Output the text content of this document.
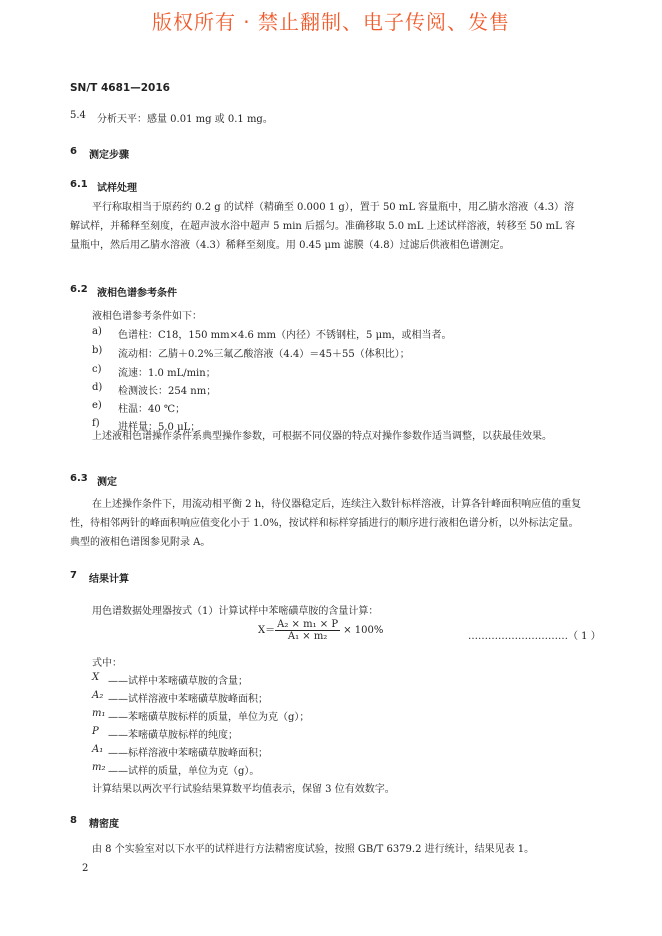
版权所有 · 禁止翻制、电子传阅、发售
SN/T 4681—2016
5.4 分析天平：感量 0.01 mg 或 0.1 mg。
6 测定步骤
6.1 试样处理
平行称取相当于原药约 0.2 g 的试样（精确至 0.000 1 g），置于 50 mL 容量瓶中，用乙腈水溶液（4.3）溶解试样，并稀释至刻度，在超声波水浴中超声 5 min 后摇匀。准确移取 5.0 mL 上述试样溶液，转移至 50 mL 容量瓶中，然后用乙腈水溶液（4.3）稀释至刻度。用 0.45 μm 滤膜（4.8）过滤后供液相色谱测定。
6.2 液相色谱参考条件
液相色谱参考条件如下：
a) 色谱柱：C18，150 mm×4.6 mm（内径）不锈钢柱，5 μm，或相当者。
b) 流动相：乙腈＋0.2%三氟乙酸溶液（4.4）＝45＋55（体积比）；
c) 流速：1.0 mL/min；
d) 检测波长：254 nm；
e) 柱温：40 ℃；
f) 进样量：5.0 μL；
上述液相色谱操作条件系典型操作参数，可根据不同仪器的特点对操作参数作适当调整，以获最佳效果。
6.3 测定
在上述操作条件下，用流动相平衡 2 h，待仪器稳定后，连续注入数针标样溶液，计算各针峰面积响应值的重复性，待相邻两针的峰面积响应值变化小于 1.0%，按试样和标样穿插进行的顺序进行液相色谱分析，以外标法定量。典型的液相色谱图参见附录 A。
7 结果计算
用色谱数据处理器按式（1）计算试样中苯嘧磺草胺的含量计算：
$X= \frac{\text{A₂ × m₁ × P}}{\text{A₁ × m₂}} \times 100\%$
…………………………（ 1 ）
式中：
X ——试样中苯嘧磺草胺的含量；
A₂ ——试样溶液中苯嘧磺草胺峰面积；
m₁ ——苯嘧磺草胺标样的质量，单位为克（g）；
P ——苯嘧磺草胺标样的纯度；
A₁ ——标样溶液中苯嘧磺草胺峰面积；
m₂ ——试样的质量，单位为克（g）。
计算结果以两次平行试验结果算数平均值表示，保留 3 位有效数字。
8 精密度
由 8 个实验室对以下水平的试样进行方法精密度试验，按照 GB/T 6379.2 进行统计，结果见表 1。
2
